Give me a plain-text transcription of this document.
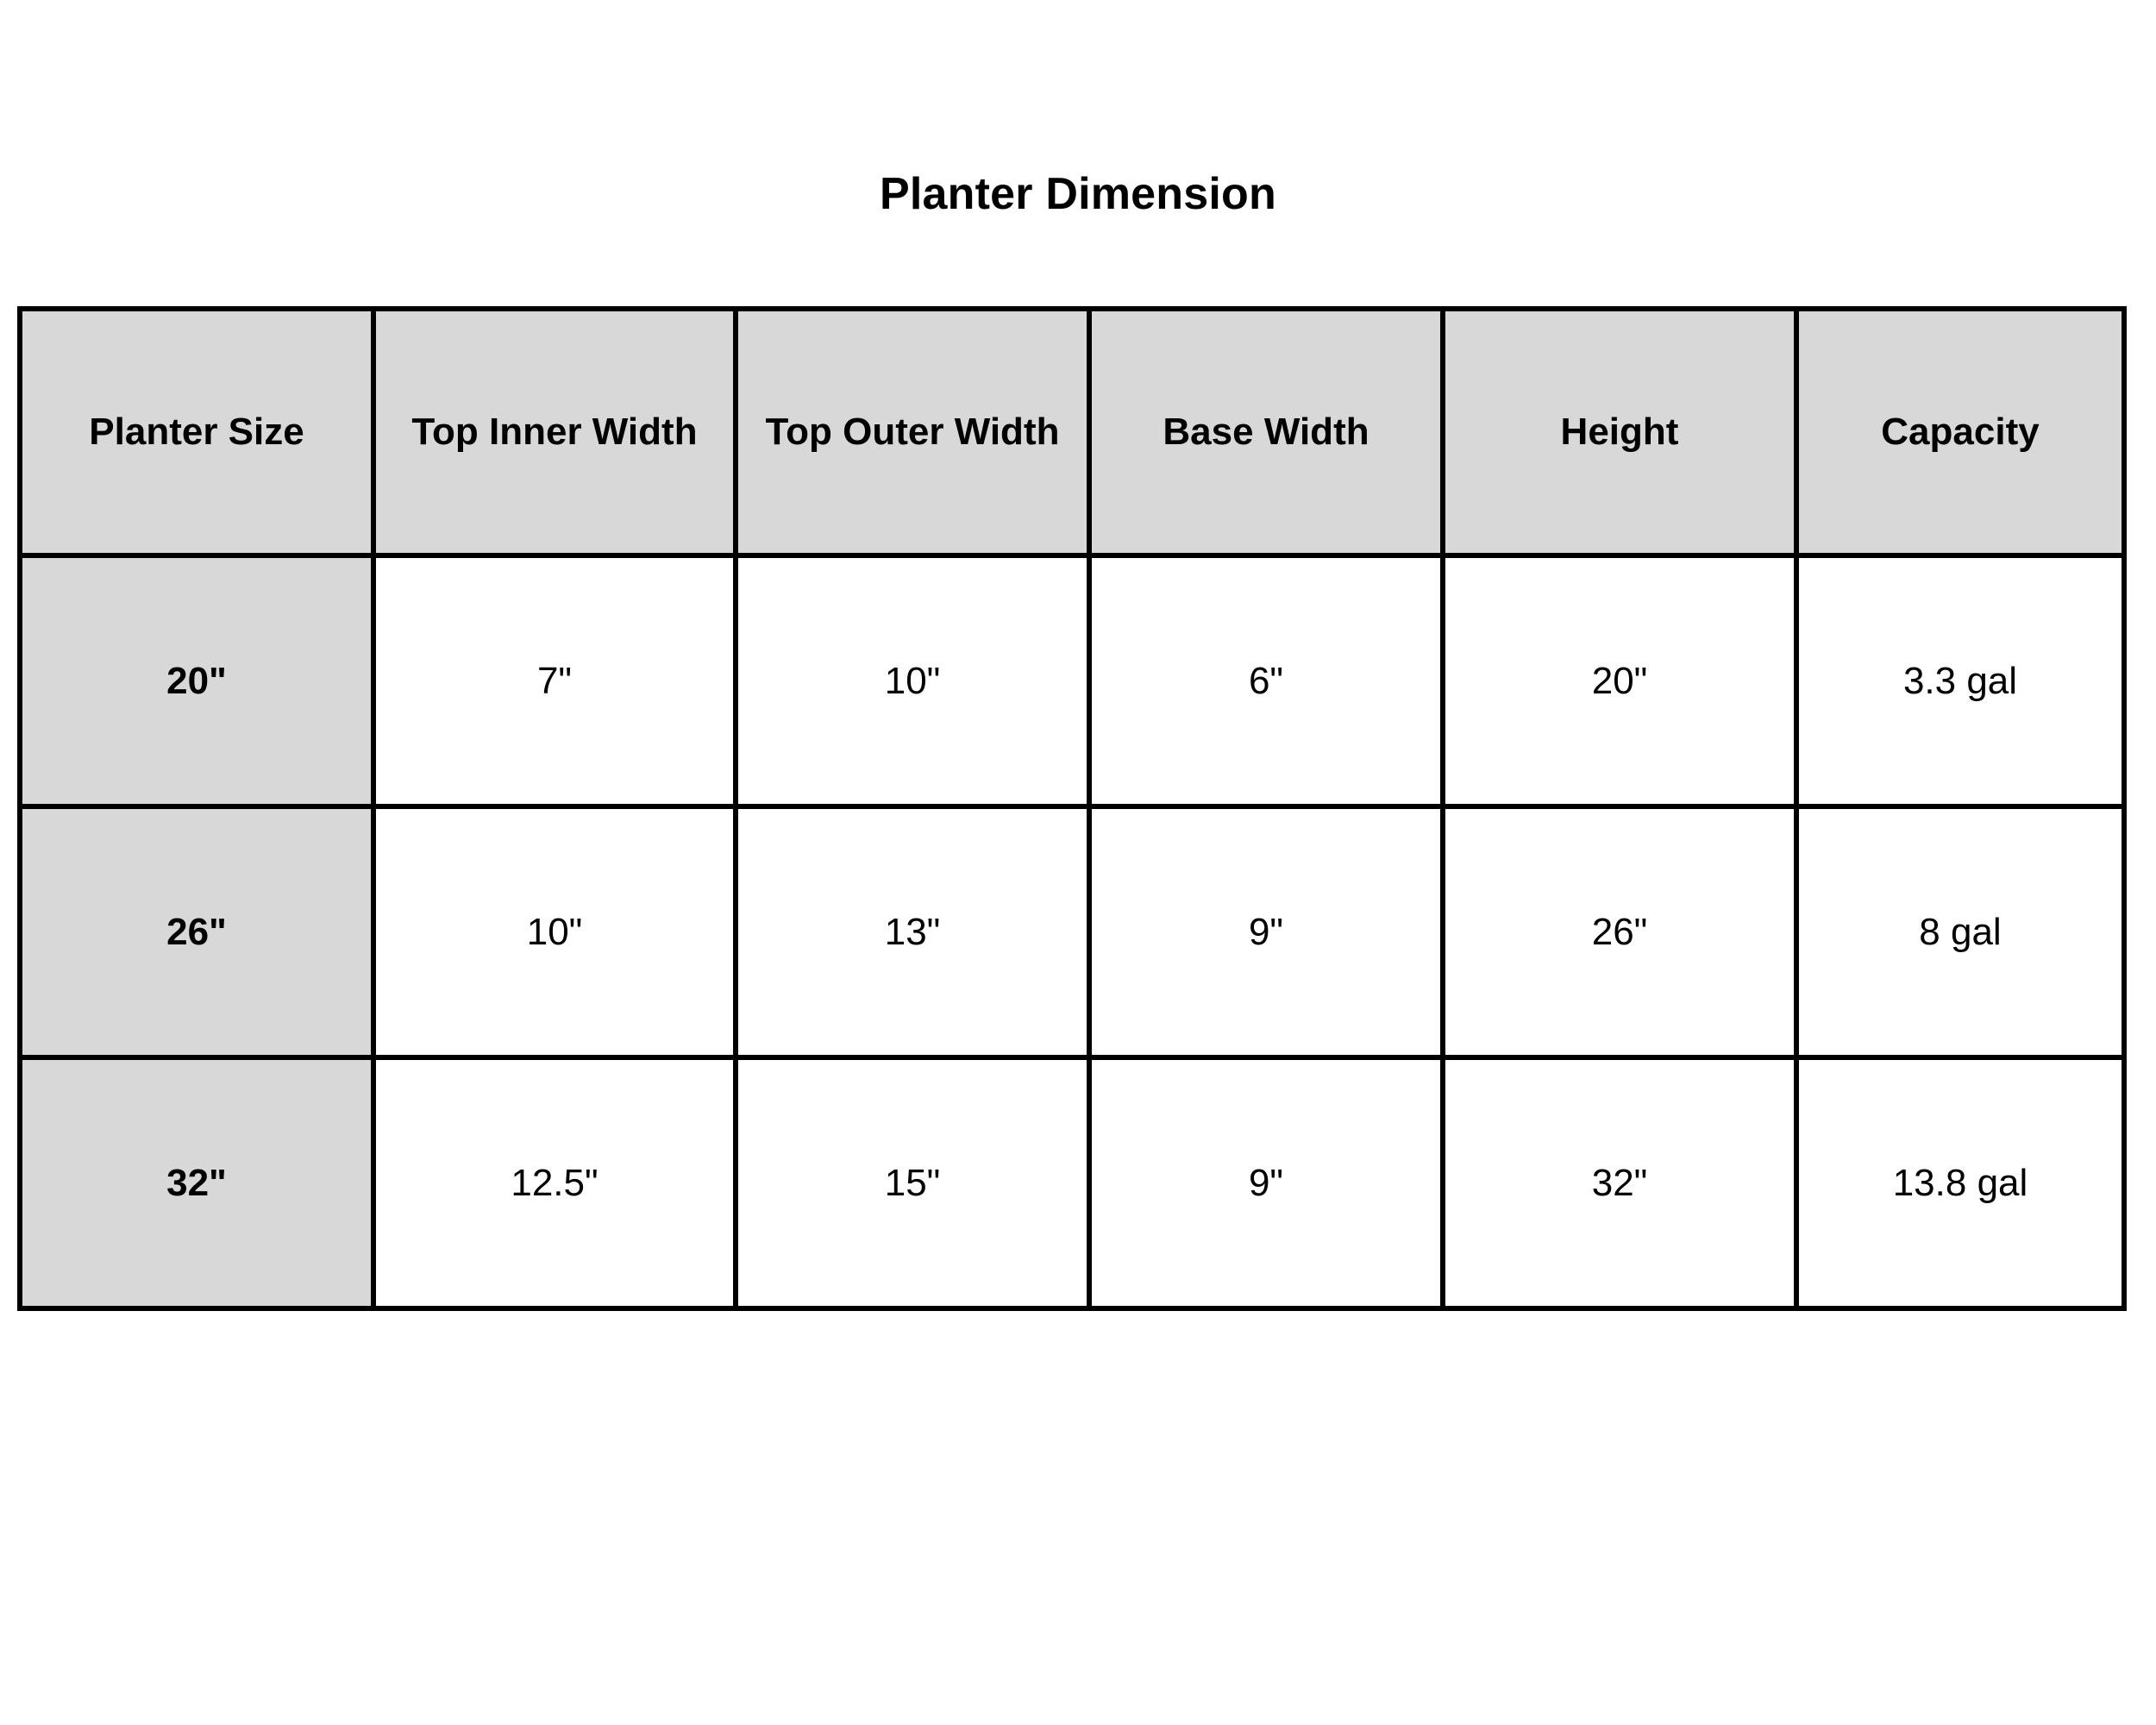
Planter Dimension
Planter Size	Top Inner Width	Top Outer Width	Base Width	Height	Capacity
20"	7"	10"	6"	20"	3.3 gal
26"	10"	13"	9"	26"	8 gal
32"	12.5"	15"	9"	32"	13.8 gal
